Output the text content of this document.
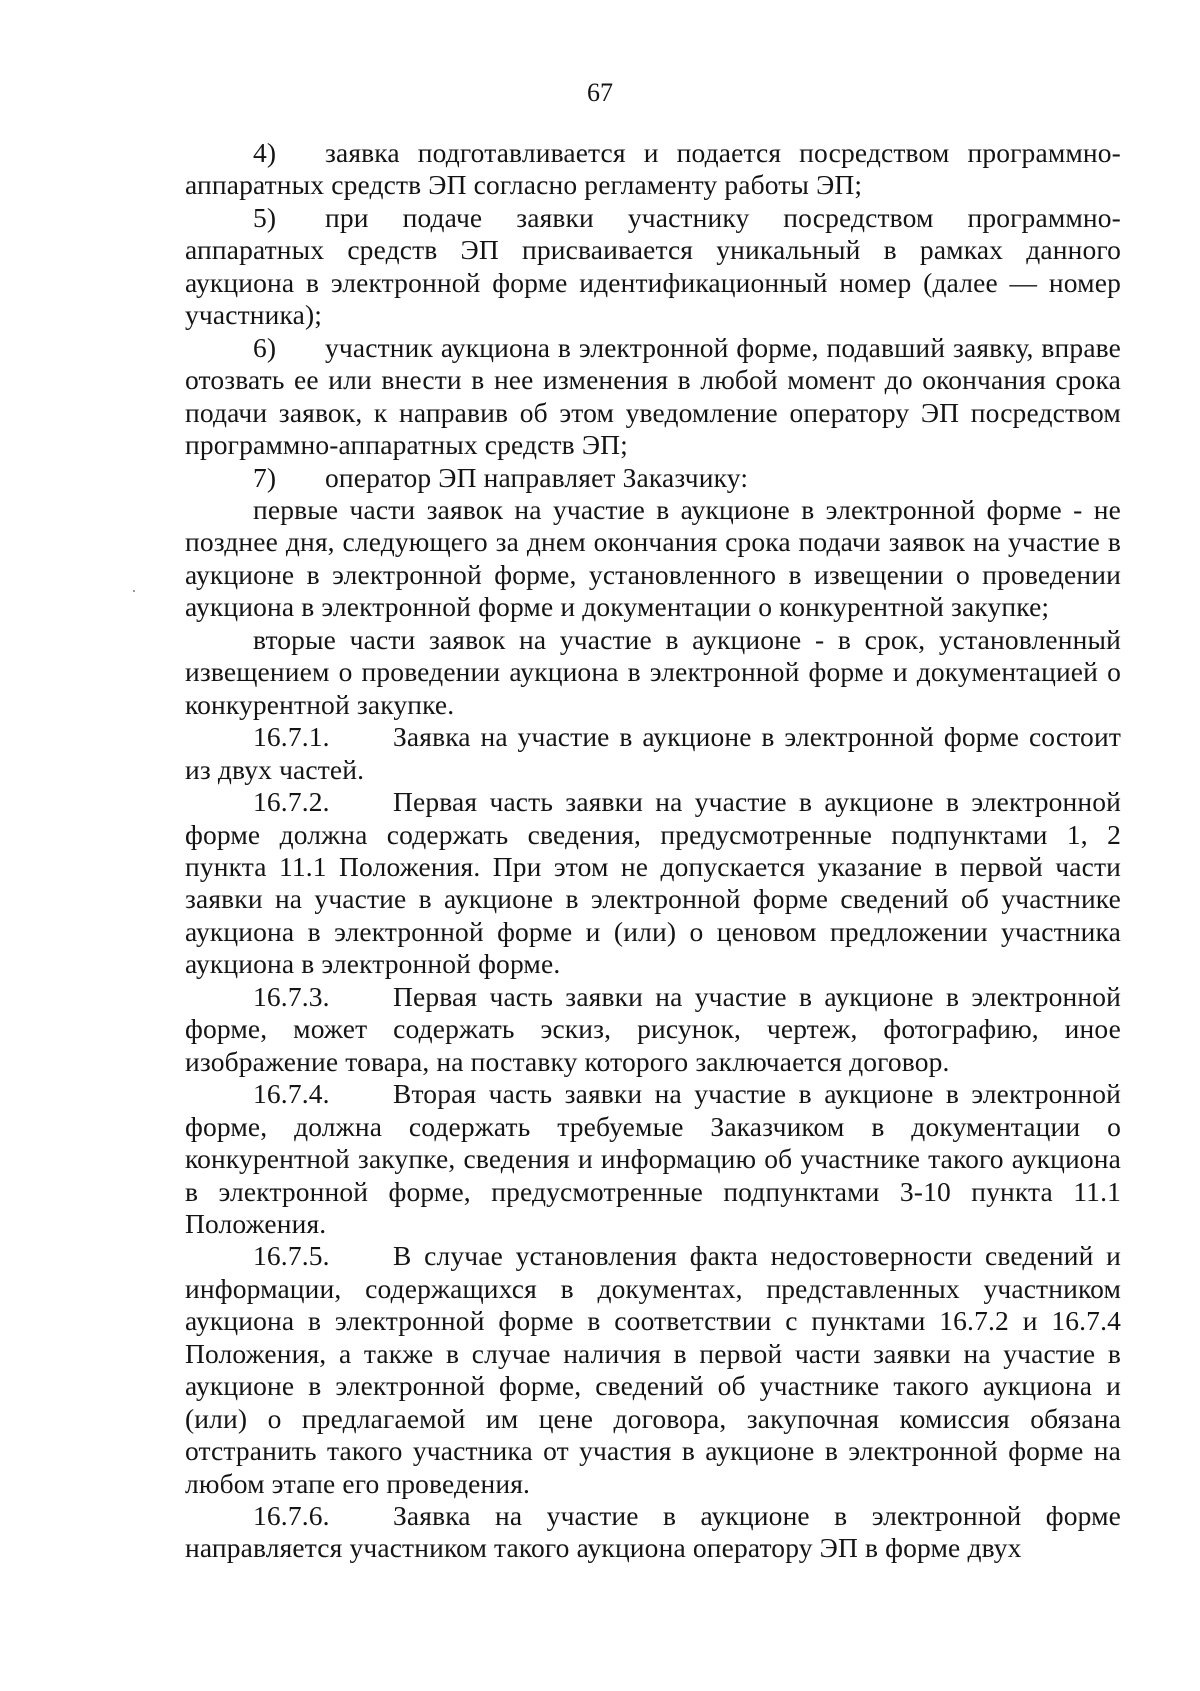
67

4) заявка подготавливается и подается посредством программно-аппаратных средств ЭП согласно регламенту работы ЭП;

5) при подаче заявки участнику посредством программно-аппаратных средств ЭП присваивается уникальный в рамках данного аукциона в электронной форме идентификационный номер (далее — номер участника);

6) участник аукциона в электронной форме, подавший заявку, вправе отозвать ее или внести в нее изменения в любой момент до окончания срока подачи заявок, к направив об этом уведомление оператору ЭП посредством программно-аппаратных средств ЭП;

7) оператор ЭП направляет Заказчику:

первые части заявок на участие в аукционе в электронной форме - не позднее дня, следующего за днем окончания срока подачи заявок на участие в аукционе в электронной форме, установленного в извещении о проведении аукциона в электронной форме и документации о конкурентной закупке;

вторые части заявок на участие в аукционе - в срок, установленный извещением о проведении аукциона в электронной форме и документацией о конкурентной закупке.

16.7.1. Заявка на участие в аукционе в электронной форме состоит из двух частей.

16.7.2. Первая часть заявки на участие в аукционе в электронной форме должна содержать сведения, предусмотренные подпунктами 1, 2 пункта 11.1 Положения. При этом не допускается указание в первой части заявки на участие в аукционе в электронной форме сведений об участнике аукциона в электронной форме и (или) о ценовом предложении участника аукциона в электронной форме.

16.7.3. Первая часть заявки на участие в аукционе в электронной форме, может содержать эскиз, рисунок, чертеж, фотографию, иное изображение товара, на поставку которого заключается договор.

16.7.4. Вторая часть заявки на участие в аукционе в электронной форме, должна содержать требуемые Заказчиком в документации о конкурентной закупке, сведения и информацию об участнике такого аукциона в электронной форме, предусмотренные подпунктами 3-10 пункта 11.1 Положения.

16.7.5. В случае установления факта недостоверности сведений и информации, содержащихся в документах, представленных участником аукциона в электронной форме в соответствии с пунктами 16.7.2 и 16.7.4 Положения, а также в случае наличия в первой части заявки на участие в аукционе в электронной форме, сведений об участнике такого аукциона и (или) о предлагаемой им цене договора, закупочная комиссия обязана отстранить такого участника от участия в аукционе в электронной форме на любом этапе его проведения.

16.7.6. Заявка на участие в аукционе в электронной форме направляется участником такого аукциона оператору ЭП в форме двух
